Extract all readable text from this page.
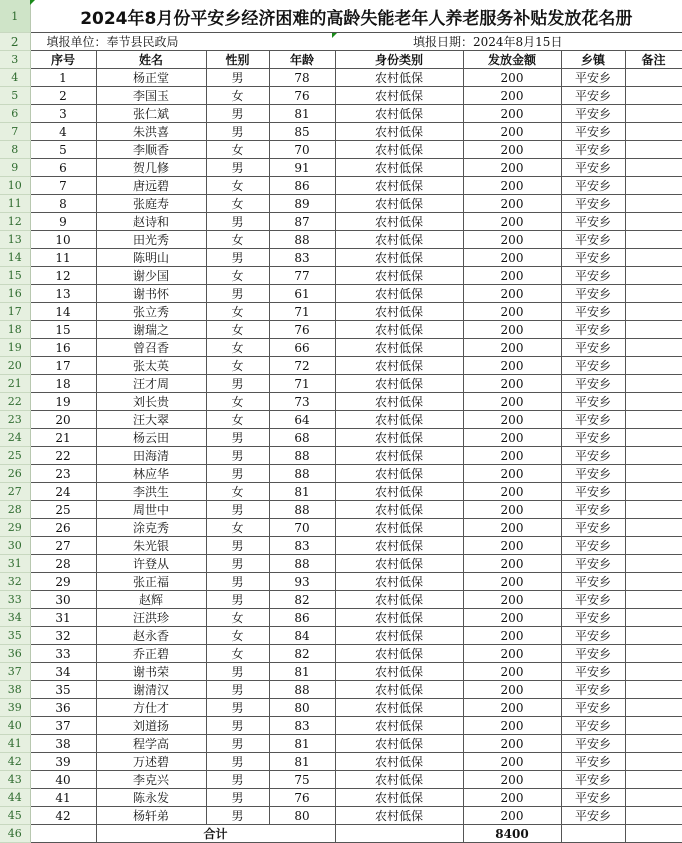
1	2024年8月份平安乡经济困难的高龄失能老年人养老服务补贴发放花名册							
2	填报单位：奉节县民政局				填报日期：2024年8月15日			
3	序号	姓名	性别	年龄	身份类别	发放金额	乡镇	备注
4	1	杨正堂	男	78	农村低保	200	平安乡	
5	2	李国玉	女	76	农村低保	200	平安乡	
6	3	张仁斌	男	81	农村低保	200	平安乡	
7	4	朱洪喜	男	85	农村低保	200	平安乡	
8	5	李顺香	女	70	农村低保	200	平安乡	
9	6	贺几修	男	91	农村低保	200	平安乡	
10	7	唐远碧	女	86	农村低保	200	平安乡	
11	8	张庭寿	女	89	农村低保	200	平安乡	
12	9	赵诗和	男	87	农村低保	200	平安乡	
13	10	田光秀	女	88	农村低保	200	平安乡	
14	11	陈明山	男	83	农村低保	200	平安乡	
15	12	谢少国	女	77	农村低保	200	平安乡	
16	13	谢书怀	男	61	农村低保	200	平安乡	
17	14	张立秀	女	71	农村低保	200	平安乡	
18	15	谢瑞之	女	76	农村低保	200	平安乡	
19	16	曾召香	女	66	农村低保	200	平安乡	
20	17	张太英	女	72	农村低保	200	平安乡	
21	18	汪才周	男	71	农村低保	200	平安乡	
22	19	刘长贵	女	73	农村低保	200	平安乡	
23	20	汪大翠	女	64	农村低保	200	平安乡	
24	21	杨云田	男	68	农村低保	200	平安乡	
25	22	田海清	男	88	农村低保	200	平安乡	
26	23	林应华	男	88	农村低保	200	平安乡	
27	24	李洪生	女	81	农村低保	200	平安乡	
28	25	周世中	男	88	农村低保	200	平安乡	
29	26	涂克秀	女	70	农村低保	200	平安乡	
30	27	朱光银	男	83	农村低保	200	平安乡	
31	28	许登从	男	88	农村低保	200	平安乡	
32	29	张正福	男	93	农村低保	200	平安乡	
33	30	赵辉	男	82	农村低保	200	平安乡	
34	31	汪洪珍	女	86	农村低保	200	平安乡	
35	32	赵永香	女	84	农村低保	200	平安乡	
36	33	乔正碧	女	82	农村低保	200	平安乡	
37	34	谢书荣	男	81	农村低保	200	平安乡	
38	35	谢清汉	男	88	农村低保	200	平安乡	
39	36	方仕才	男	80	农村低保	200	平安乡	
40	37	刘道扬	男	83	农村低保	200	平安乡	
41	38	程学高	男	81	农村低保	200	平安乡	
42	39	万述碧	男	81	农村低保	200	平安乡	
43	40	李克兴	男	75	农村低保	200	平安乡	
44	41	陈永发	男	76	农村低保	200	平安乡	
45	42	杨轩弟	男	80	农村低保	200	平安乡	
46		合计				8400		
